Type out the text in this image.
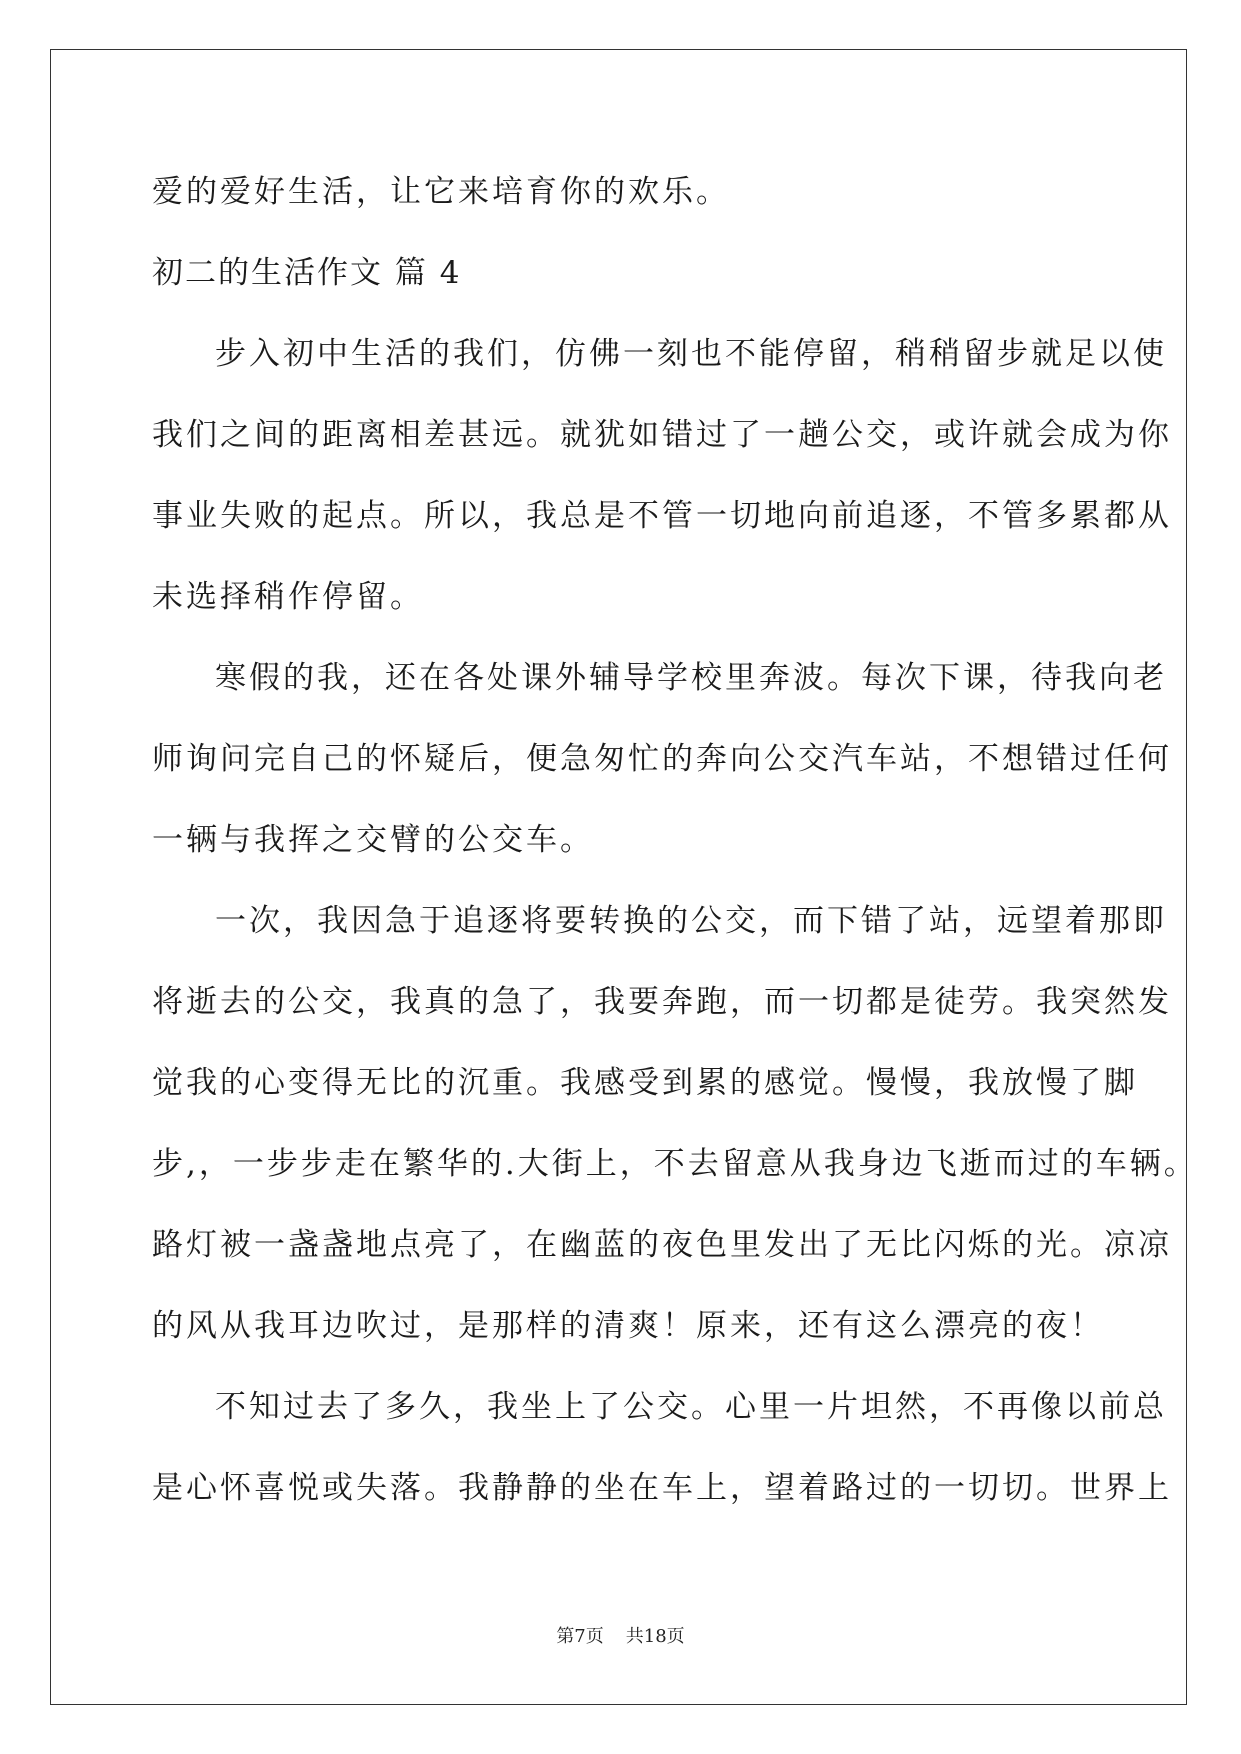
爱的爱好生活，让它来培育你的欢乐。
初二的生活作文 篇 4
步入初中生活的我们，仿佛一刻也不能停留，稍稍留步就足以使
我们之间的距离相差甚远。就犹如错过了一趟公交，或许就会成为你
事业失败的起点。所以，我总是不管一切地向前追逐，不管多累都从
未选择稍作停留。
寒假的我，还在各处课外辅导学校里奔波。每次下课，待我向老
师询问完自己的怀疑后，便急匆忙的奔向公交汽车站，不想错过任何
一辆与我挥之交臂的公交车。
一次，我因急于追逐将要转换的公交，而下错了站，远望着那即
将逝去的公交，我真的急了，我要奔跑，而一切都是徒劳。我突然发
觉我的心变得无比的沉重。我感受到累的感觉。慢慢，我放慢了脚
步,，一步步走在繁华的.大街上，不去留意从我身边飞逝而过的车辆。
路灯被一盏盏地点亮了，在幽蓝的夜色里发出了无比闪烁的光。凉凉
的风从我耳边吹过，是那样的清爽！原来，还有这么漂亮的夜！
不知过去了多久，我坐上了公交。心里一片坦然，不再像以前总
是心怀喜悦或失落。我静静的坐在车上，望着路过的一切切。世界上
第7页 共18页
